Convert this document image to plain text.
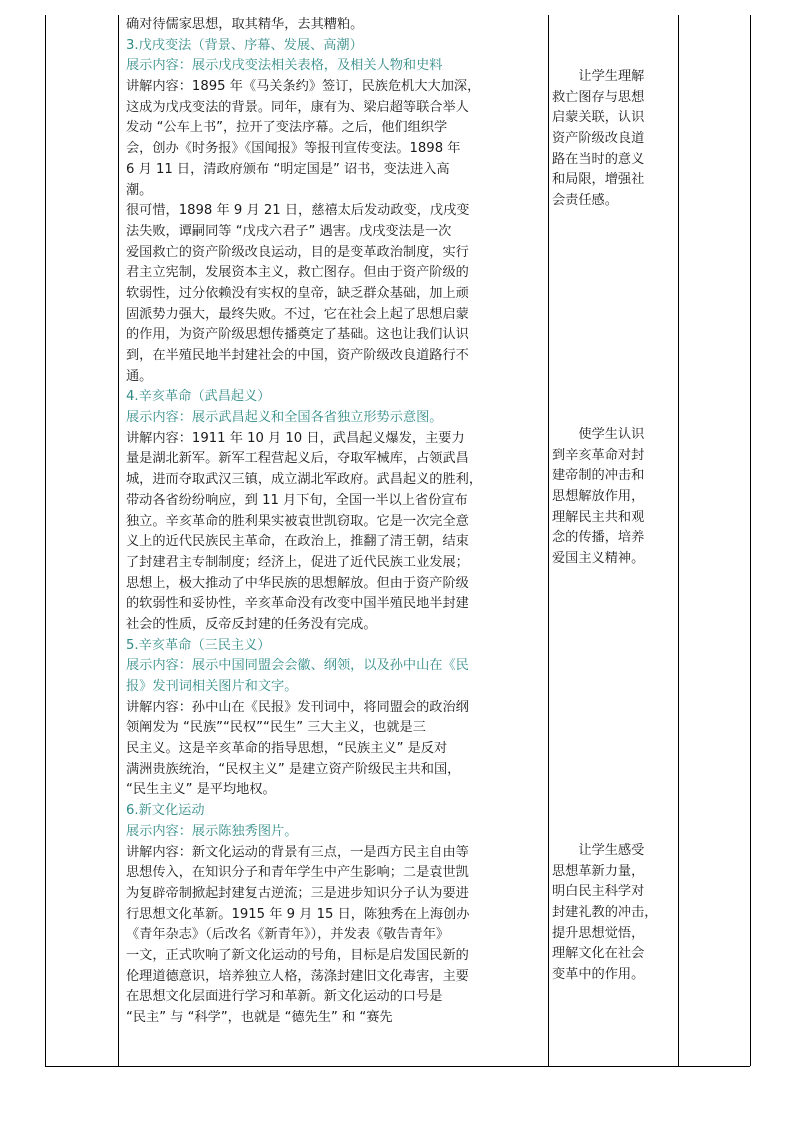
确对待儒家思想，取其精华，去其糟粕。
3.戊戌变法（背景、序幕、发展、高潮）
展示内容：展示戊戌变法相关表格，及相关人物和史料
讲解内容：1895 年《马关条约》签订，民族危机大大加深，
这成为戊戌变法的背景。同年，康有为、梁启超等联合举人
发动 “公车上书”，拉开了变法序幕。之后，他们组织学
会，创办《时务报》《国闻报》等报刊宣传变法。1898 年
6 月 11 日，清政府颁布 “明定国是” 诏书，变法进入高
潮。
很可惜，1898 年 9 月 21 日，慈禧太后发动政变，戊戌变
法失败，谭嗣同等 “戊戌六君子” 遇害。戊戌变法是一次
爱国救亡的资产阶级改良运动，目的是变革政治制度，实行
君主立宪制，发展资本主义，救亡图存。但由于资产阶级的
软弱性，过分依赖没有实权的皇帝，缺乏群众基础，加上顽
固派势力强大，最终失败。不过，它在社会上起了思想启蒙
的作用，为资产阶级思想传播奠定了基础。这也让我们认识
到，在半殖民地半封建社会的中国，资产阶级改良道路行不
通。
4.辛亥革命（武昌起义）
展示内容：展示武昌起义和全国各省独立形势示意图。
讲解内容：1911 年 10 月 10 日，武昌起义爆发，主要力
量是湖北新军。新军工程营起义后，夺取军械库，占领武昌
城，进而夺取武汉三镇，成立湖北军政府。武昌起义的胜利，
带动各省纷纷响应，到 11 月下旬，全国一半以上省份宣布
独立。辛亥革命的胜利果实被袁世凯窃取。它是一次完全意
义上的近代民族民主革命，在政治上，推翻了清王朝，结束
了封建君主专制制度；经济上，促进了近代民族工业发展；
思想上，极大推动了中华民族的思想解放。但由于资产阶级
的软弱性和妥协性，辛亥革命没有改变中国半殖民地半封建
社会的性质，反帝反封建的任务没有完成。
5.辛亥革命（三民主义）
展示内容：展示中国同盟会会徽、纲领，以及孙中山在《民
报》发刊词相关图片和文字。
讲解内容：孙中山在《民报》发刊词中，将同盟会的政治纲
领阐发为 “民族”“民权”“民生” 三大主义，也就是三
民主义。这是辛亥革命的指导思想，“民族主义” 是反对
满洲贵族统治，“民权主义” 是建立资产阶级民主共和国，
“民生主义” 是平均地权。
6.新文化运动
展示内容：展示陈独秀图片。
讲解内容：新文化运动的背景有三点，一是西方民主自由等
思想传入，在知识分子和青年学生中产生影响；二是袁世凯
为复辟帝制掀起封建复古逆流；三是进步知识分子认为要进
行思想文化革新。1915 年 9 月 15 日，陈独秀在上海创办
《青年杂志》（后改名《新青年》），并发表《敬告青年》
一文，正式吹响了新文化运动的号角，目标是启发国民新的
伦理道德意识，培养独立人格，荡涤封建旧文化毒害，主要
在思想文化层面进行学习和革新。新文化运动的口号是
“民主” 与 “科学”，也就是 “德先生” 和 “赛先
让学生理解
救亡图存与思想
启蒙关联，认识
资产阶级改良道
路在当时的意义
和局限，增强社
会责任感。
使学生认识
到辛亥革命对封
建帝制的冲击和
思想解放作用，
理解民主共和观
念的传播，培养
爱国主义精神。
让学生感受
思想革新力量，
明白民主科学对
封建礼教的冲击，
提升思想觉悟，
理解文化在社会
变革中的作用。
